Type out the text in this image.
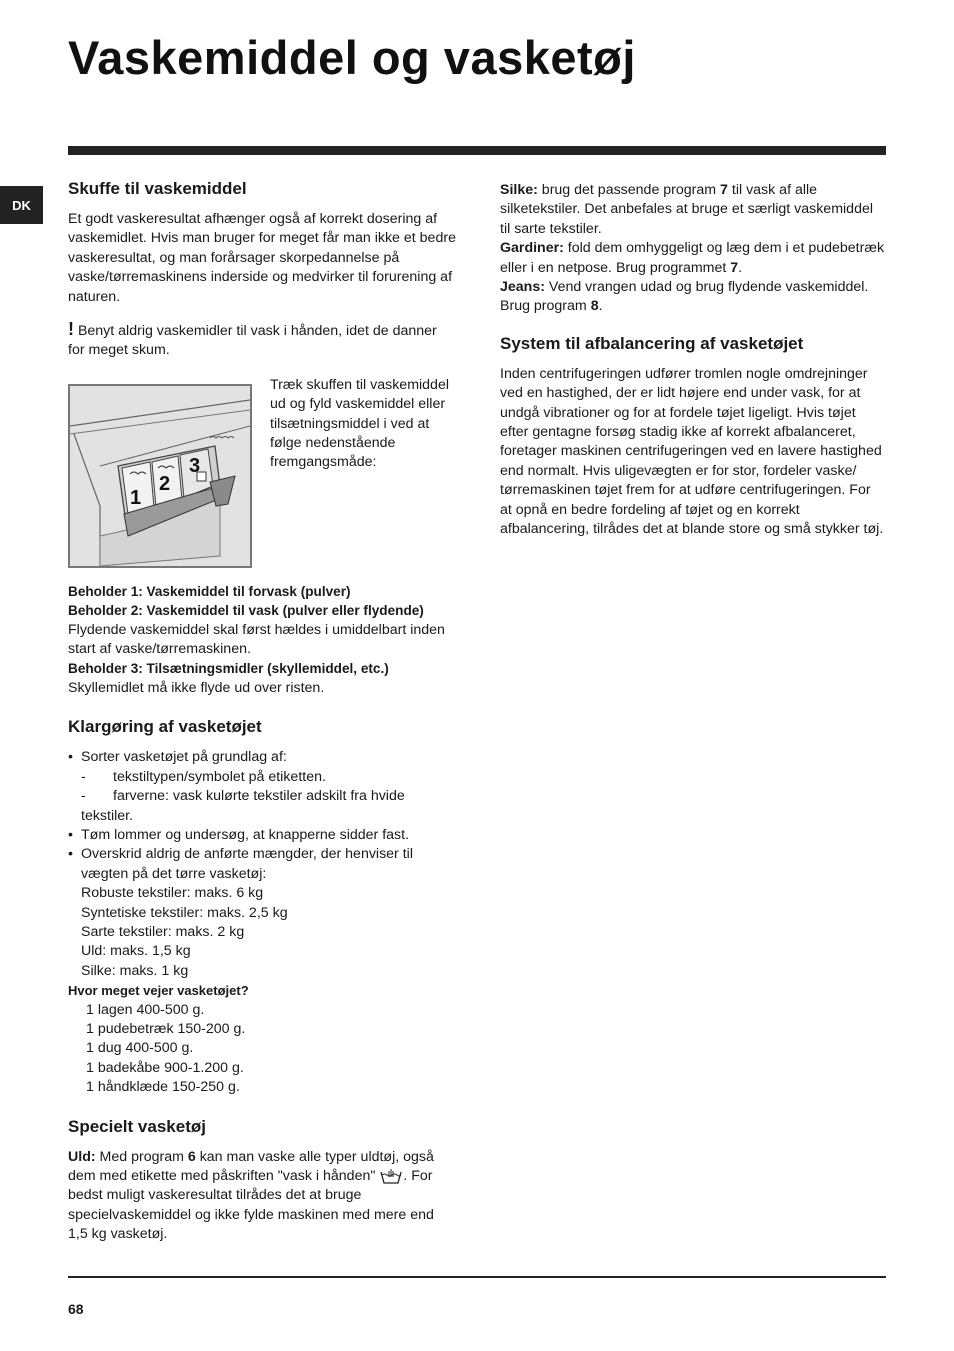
Vaskemiddel og vasketøj
DK
Skuffe til vaskemiddel

Et godt vaskeresultat afhænger også af korrekt dosering af vaskemidlet. Hvis man bruger for meget får man ikke et bedre vaskeresultat, og man forårsager skorpedannelse på vaske/tørremaskinens inderside og medvirker til forurening af naturen.

! Benyt aldrig vaskemidler til vask i hånden, idet de danner for meget skum.

1
2
3

Træk skuffen til vaskemiddel ud og fyld vaskemiddel eller tilsætningsmiddel i ved at følge nedenstående fremgangsmåde:

Beholder 1: Vaskemiddel til forvask (pulver)

Beholder 2: Vaskemiddel til vask (pulver eller flydende)

Flydende vaskemiddel skal først hældes i umiddelbart inden start af vaske/tørremaskinen.

Beholder 3: Tilsætningsmidler (skyllemiddel, etc.)

Skyllemidlet må ikke flyde ud over risten.

Klargøring af vasketøjet
• Sorter vasketøjet på grundlag af:
- tekstiltypen/symbolet på etiketten.
- farverne: vask kulørte tekstiler adskilt fra hvide
tekstiler.
• Tøm lommer og undersøg, at knapperne sidder fast.
• Overskrid aldrig de anførte mængder, der henviser til vægten på det tørre vasketøj:
Robuste tekstiler: maks. 6 kg
Syntetiske tekstiler: maks. 2,5 kg
Sarte tekstiler: maks. 2 kg
Uld: maks. 1,5 kg
Silke: maks. 1 kg

Hvor meget vejer vasketøjet?

1 lagen 400-500 g.
1 pudebetræk 150-200 g.
1 dug 400-500 g.
1 badekåbe 900-1.200 g.
1 håndklæde 150-250 g.
Specielt vasketøj

Uld: Med program 6 kan man vaske alle typer uldtøj, også dem med etikette med påskriften "vask i hånden" . For bedst muligt vaskeresultat tilrådes det at bruge specielvaskemiddel og ikke fylde maskinen med mere end 1,5 kg vasketøj.

Silke: brug det passende program 7 til vask af alle silketekstiler. Det anbefales at bruge et særligt vaskemiddel til sarte tekstiler.

Gardiner: fold dem omhyggeligt og læg dem i et pudebetræk eller i en netpose. Brug programmet 7.

Jeans: Vend vrangen udad og brug flydende vaskemiddel. Brug program 8.

System til afbalancering af vasketøjet

Inden centrifugeringen udfører tromlen nogle omdrejninger ved en hastighed, der er lidt højere end under vask, for at undgå vibrationer og for at fordele tøjet ligeligt. Hvis tøjet efter gentagne forsøg stadig ikke af korrekt afbalanceret, foretager maskinen centrifugeringen ved en lavere hastighed end normalt. Hvis uligevægten er for stor, fordeler vaske/ tørremaskinen tøjet frem for at udføre centrifugeringen. For at opnå en bedre fordeling af tøjet og en korrekt afbalancering, tilrådes det at blande store og små stykker tøj.

68
